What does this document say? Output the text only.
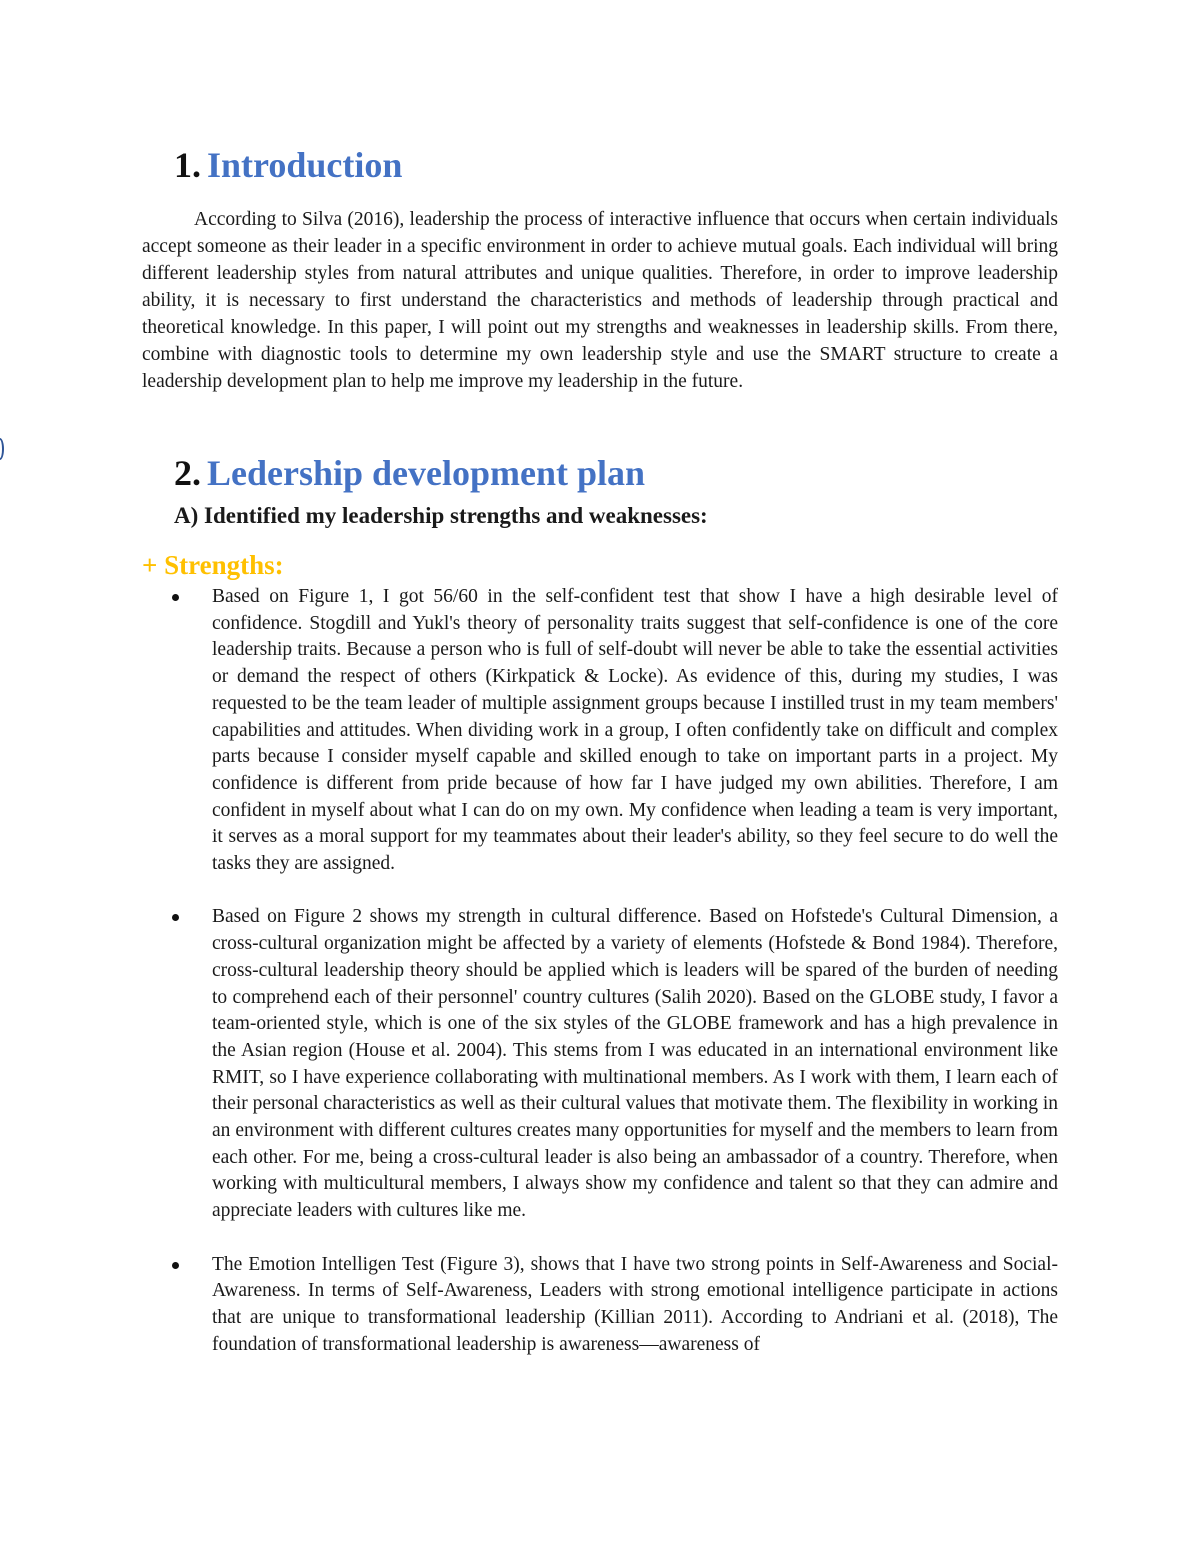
1. Introduction

According to Silva (2016), leadership the process of interactive influence that occurs when certain individuals accept someone as their leader in a specific environment in order to achieve mutual goals. Each individual will bring different leadership styles from natural attributes and unique qualities. Therefore, in order to improve leadership ability, it is necessary to first understand the characteristics and methods of leadership through practical and theoretical knowledge. In this paper, I will point out my strengths and weaknesses in leadership skills. From there, combine with diagnostic tools to determine my own leadership style and use the SMART structure to create a leadership development plan to help me improve my leadership in the future.

2. Ledership development plan

A) Identified my leadership strengths and weaknesses:

+ Strengths:

Based on Figure 1, I got 56/60 in the self-confident test that show I have a high desirable level of confidence. Stogdill and Yukl's theory of personality traits suggest that self-confidence is one of the core leadership traits. Because a person who is full of self-doubt will never be able to take the essential activities or demand the respect of others (Kirkpatick & Locke). As evidence of this, during my studies, I was requested to be the team leader of multiple assignment groups because I instilled trust in my team members' capabilities and attitudes. When dividing work in a group, I often confidently take on difficult and complex parts because I consider myself capable and skilled enough to take on important parts in a project. My confidence is different from pride because of how far I have judged my own abilities. Therefore, I am confident in myself about what I can do on my own. My confidence when leading a team is very important, it serves as a moral support for my teammates about their leader's ability, so they feel secure to do well the tasks they are assigned.
Based on Figure 2 shows my strength in cultural difference. Based on Hofstede's Cultural Dimension, a cross-cultural organization might be affected by a variety of elements (Hofstede & Bond 1984). Therefore, cross-cultural leadership theory should be applied which is leaders will be spared of the burden of needing to comprehend each of their personnel' country cultures (Salih 2020). Based on the GLOBE study, I favor a team-oriented style, which is one of the six styles of the GLOBE framework and has a high prevalence in the Asian region (House et al. 2004). This stems from I was educated in an international environment like RMIT, so I have experience collaborating with multinational members. As I work with them, I learn each of their personal characteristics as well as their cultural values that motivate them. The flexibility in working in an environment with different cultures creates many opportunities for myself and the members to learn from each other. For me, being a cross-cultural leader is also being an ambassador of a country. Therefore, when working with multicultural members, I always show my confidence and talent so that they can admire and appreciate leaders with cultures like me.
The Emotion Intelligen Test (Figure 3), shows that I have two strong points in Self-Awareness and Social-Awareness. In terms of Self-Awareness, Leaders with strong emotional intelligence participate in actions that are unique to transformational leadership (Killian 2011). According to Andriani et al. (2018), The foundation of transformational leadership is awareness—awareness of
